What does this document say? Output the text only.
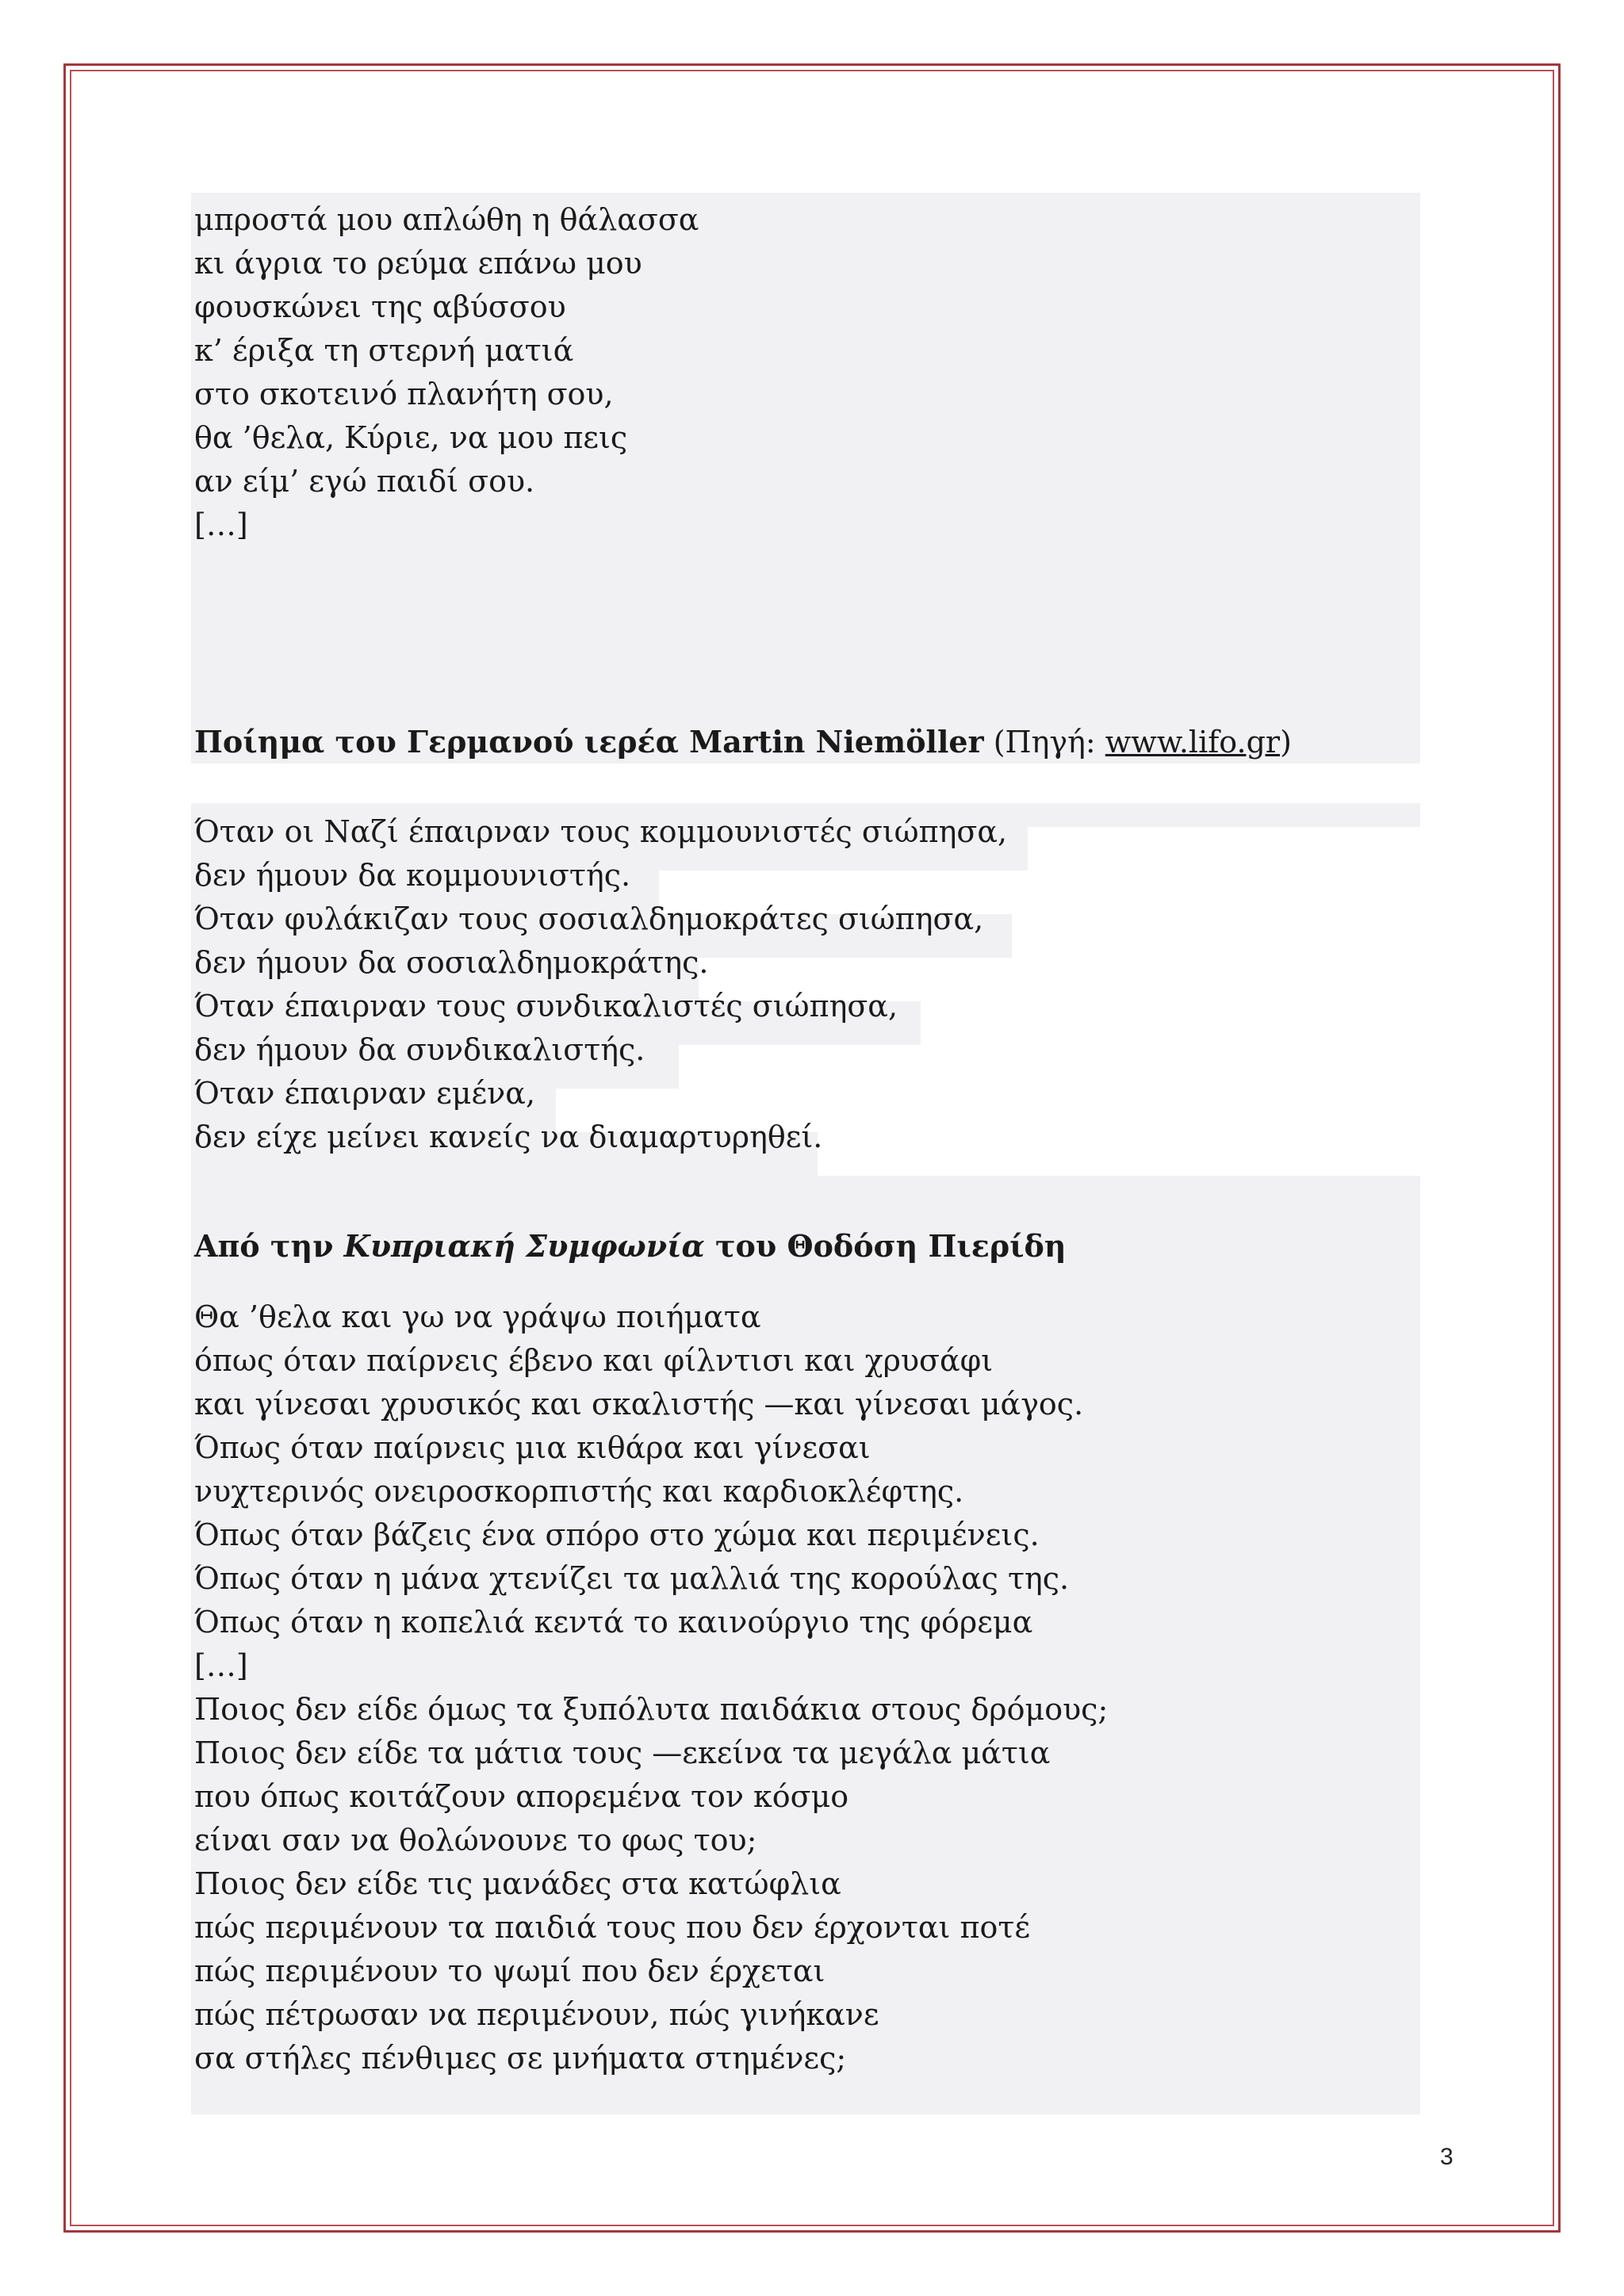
μπροστά μου απλώθη η θάλασσα
κι άγρια το ρεύμα επάνω μου
φουσκώνει της αβύσσου
κ’ έριξα τη στερνή ματιά
στο σκοτεινό πλανήτη σου,
θα ’θελα, Κύριε, να μου πεις
αν είμ’ εγώ παιδί σου.
[…]
Ποίημα του Γερμανού ιερέα Martin Niemöller (Πηγή: www.lifo.gr)
Όταν οι Ναζί έπαιρναν τους κομμουνιστές σιώπησα,
δεν ήμουν δα κομμουνιστής.
Όταν φυλάκιζαν τους σοσιαλδημοκράτες σιώπησα,
δεν ήμουν δα σοσιαλδημοκράτης.
Όταν έπαιρναν τους συνδικαλιστές σιώπησα,
δεν ήμουν δα συνδικαλιστής.
Όταν έπαιρναν εμένα,
δεν είχε μείνει κανείς να διαμαρτυρηθεί.
Από την Κυπριακή Συμφωνία του Θοδόση Πιερίδη
Θα ’θελα και γω να γράψω ποιήματα
όπως όταν παίρνεις έβενο και φίλντισι και χρυσάφι
και γίνεσαι χρυσικός και σκαλιστής —και γίνεσαι μάγος.
Όπως όταν παίρνεις μια κιθάρα και γίνεσαι
νυχτερινός ονειροσκορπιστής και καρδιοκλέφτης.
Όπως όταν βάζεις ένα σπόρο στο χώμα και περιμένεις.
Όπως όταν η μάνα χτενίζει τα μαλλιά της κορούλας της.
Όπως όταν η κοπελιά κεντά το καινούργιο της φόρεμα
[…]
Ποιος δεν είδε όμως τα ξυπόλυτα παιδάκια στους δρόμους;
Ποιος δεν είδε τα μάτια τους —εκείνα τα μεγάλα μάτια
που όπως κοιτάζουν απορεμένα τον κόσμο
είναι σαν να θολώνουνε το φως του;
Ποιος δεν είδε τις μανάδες στα κατώφλια
πώς περιμένουν τα παιδιά τους που δεν έρχονται ποτέ
πώς περιμένουν το ψωμί που δεν έρχεται
πώς πέτρωσαν να περιμένουν, πώς γινήκανε
σα στήλες πένθιμες σε μνήματα στημένες;
3
